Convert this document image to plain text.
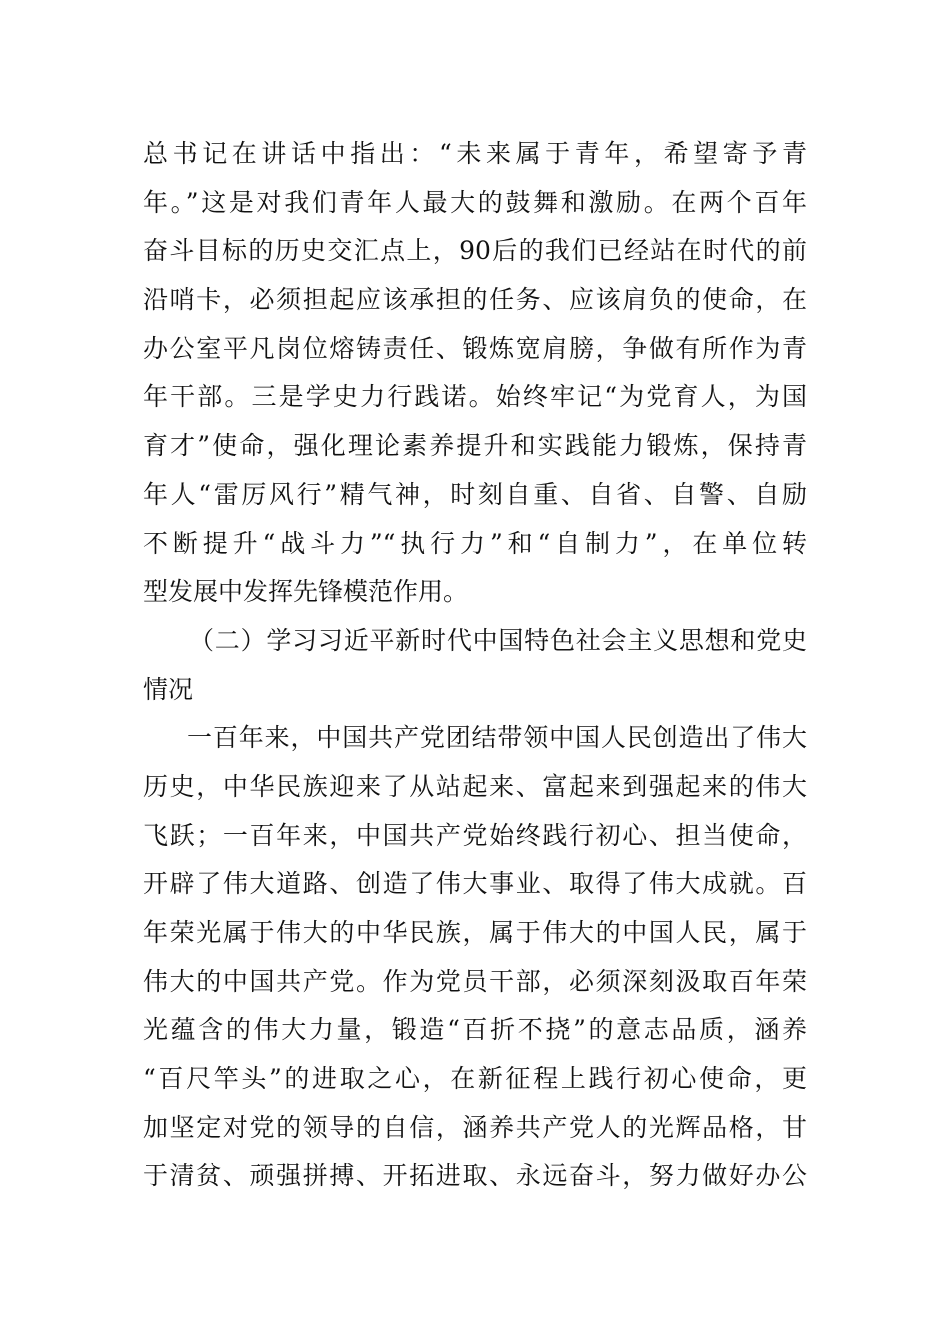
总书记在讲话中指出：“未来属于青年，希望寄予青
年。”这是对我们青年人最大的鼓舞和激励。在两个百年
奋斗目标的历史交汇点上，90后的我们已经站在时代的前
沿哨卡，必须担起应该承担的任务、应该肩负的使命，在
办公室平凡岗位熔铸责任、锻炼宽肩膀，争做有所作为青
年干部。三是学史力行践诺。始终牢记“为党育人，为国
育才”使命，强化理论素养提升和实践能力锻炼，保持青
年人“雷厉风行”精气神，时刻自重、自省、自警、自励
不断提升“战斗力”“执行力”和“自制力”，在单位转
型发展中发挥先锋模范作用。
（二）学习习近平新时代中国特色社会主义思想和党史
情况
一百年来，中国共产党团结带领中国人民创造出了伟大
历史，中华民族迎来了从站起来、富起来到强起来的伟大
飞跃；一百年来，中国共产党始终践行初心、担当使命，
开辟了伟大道路、创造了伟大事业、取得了伟大成就。百
年荣光属于伟大的中华民族，属于伟大的中国人民，属于
伟大的中国共产党。作为党员干部，必须深刻汲取百年荣
光蕴含的伟大力量，锻造“百折不挠”的意志品质，涵养
“百尺竿头”的进取之心，在新征程上践行初心使命，更
加坚定对党的领导的自信，涵养共产党人的光辉品格，甘
于清贫、顽强拼搏、开拓进取、永远奋斗，努力做好办公
